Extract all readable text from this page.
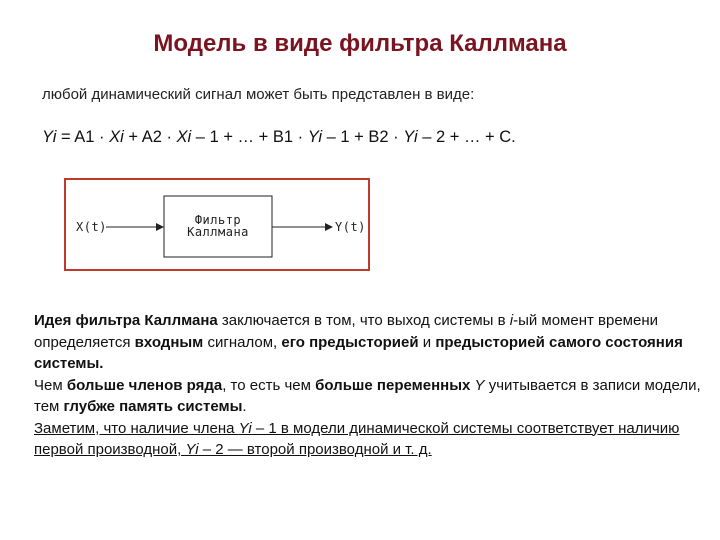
Модель в виде фильтра Каллмана
любой динамический сигнал может быть представлен в виде:
Yi = A1 · Xi + A2 · Xi – 1 + … + B1 · Yi – 1 + B2 · Yi – 2 + … + C.
X(t)	Фильтр
Каллмана	Y(t)

Идея фильтра Каллмана заключается в том, что выход системы в i-ый момент времени определяется входным сигналом, его предысторией и предысторией самого состояния системы.

Чем больше членов ряда, то есть чем больше переменных Y учитывается в записи модели, тем глубже память системы.

Заметим, что наличие члена Yi – 1 в модели динамической системы соответствует наличию первой производной, Yi – 2 — второй производной и т. д.
